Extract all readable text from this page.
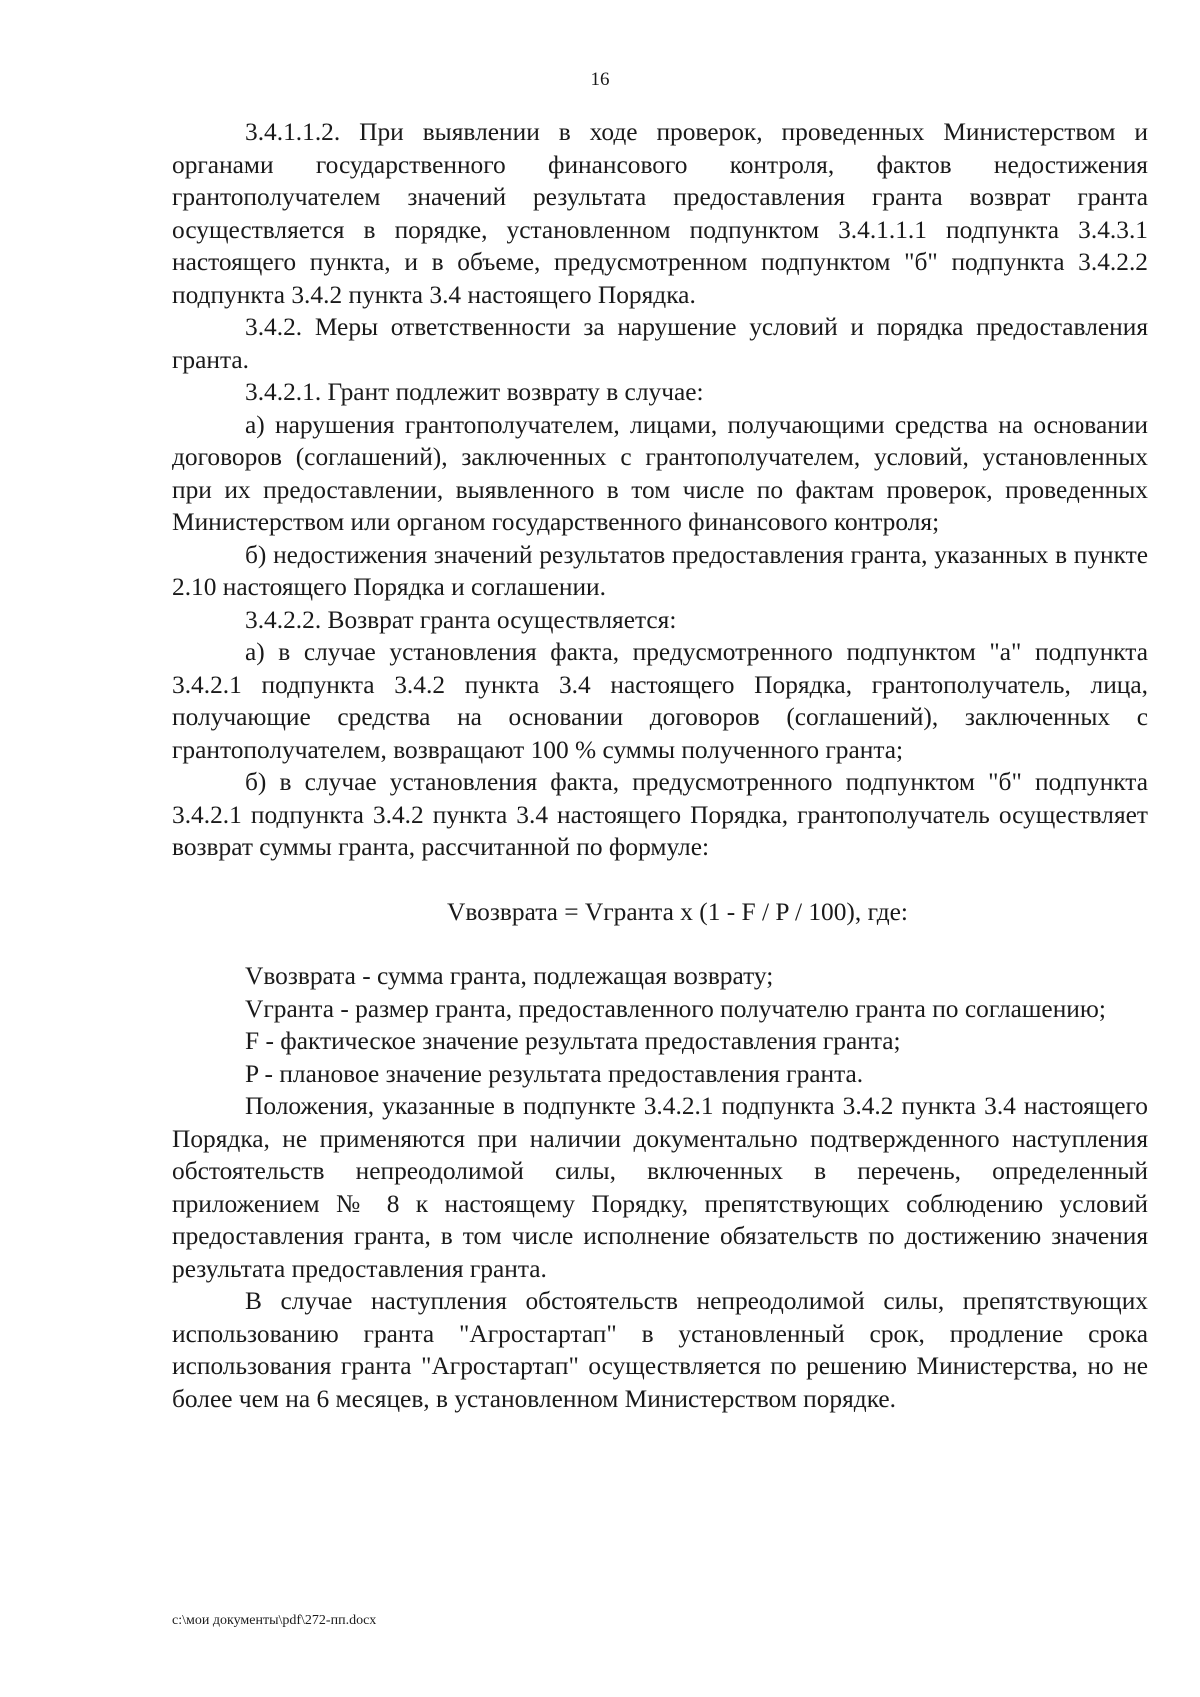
16

3.4.1.1.2. При выявлении в ходе проверок, проведенных Министерством и органами государственного финансового контроля, фактов недостижения грантополучателем значений результата предоставления гранта возврат гранта осуществляется в порядке, установленном подпунктом 3.4.1.1.1 подпункта 3.4.3.1 настоящего пункта, и в объеме, предусмотренном подпунктом "б" подпункта 3.4.2.2 подпункта 3.4.2 пункта 3.4 настоящего Порядка.

3.4.2. Меры ответственности за нарушение условий и порядка предоставления гранта.

3.4.2.1. Грант подлежит возврату в случае:

а) нарушения грантополучателем, лицами, получающими средства на основании договоров (соглашений), заключенных с грантополучателем, условий, установленных при их предоставлении, выявленного в том числе по фактам проверок, проведенных Министерством или органом государственного финансового контроля;

б) недостижения значений результатов предоставления гранта, указанных в пункте 2.10 настоящего Порядка и соглашении.

3.4.2.2. Возврат гранта осуществляется:

а) в случае установления факта, предусмотренного подпунктом "а" подпункта 3.4.2.1 подпункта 3.4.2 пункта 3.4 настоящего Порядка, грантополучатель, лица, получающие средства на основании договоров (соглашений), заключенных с грантополучателем, возвращают 100 % суммы полученного гранта;

б) в случае установления факта, предусмотренного подпунктом "б" подпункта 3.4.2.1 подпункта 3.4.2 пункта 3.4 настоящего Порядка, грантополучатель осуществляет возврат суммы гранта, рассчитанной по формуле:

Vвозврата = Vгранта x (1 - F / P / 100), где:

Vвозврата - сумма гранта, подлежащая возврату;

Vгранта - размер гранта, предоставленного получателю гранта по соглашению;

F - фактическое значение результата предоставления гранта;

P - плановое значение результата предоставления гранта.

Положения, указанные в подпункте 3.4.2.1 подпункта 3.4.2 пункта 3.4 настоящего Порядка, не применяются при наличии документально подтвержденного наступления обстоятельств непреодолимой силы, включенных в перечень, определенный приложением № 8 к настоящему Порядку, препятствующих соблюдению условий предоставления гранта, в том числе исполнение обязательств по достижению значения результата предоставления гранта.

В случае наступления обстоятельств непреодолимой силы, препятствующих использованию гранта "Агростартап" в установленный срок, продление срока использования гранта "Агростартап" осуществляется по решению Министерства, но не более чем на 6 месяцев, в установленном Министерством порядке.

c:\мои документы\pdf\272-пп.docx
